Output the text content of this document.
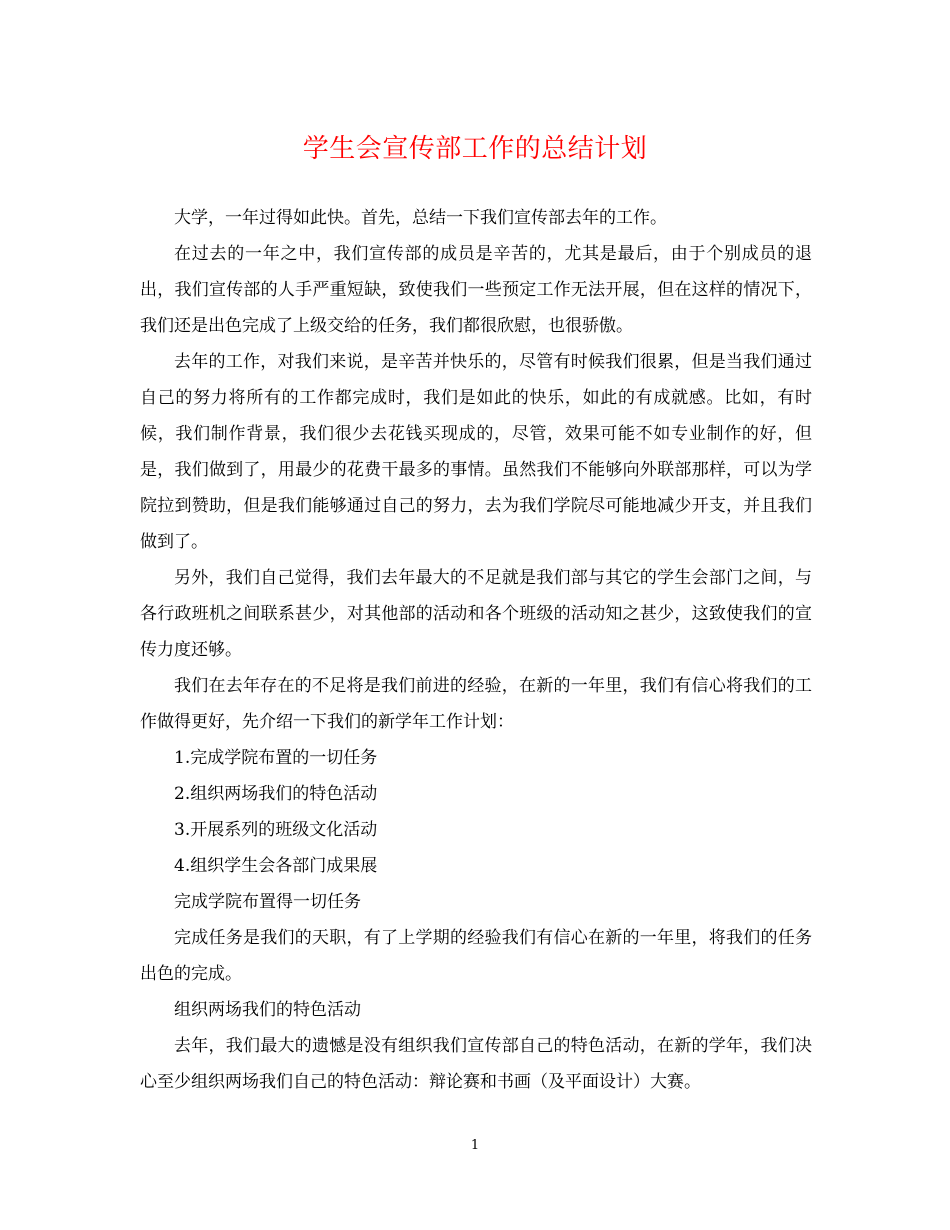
学生会宣传部工作的总结计划

大学，一年过得如此快。首先，总结一下我们宣传部去年的工作。

在过去的一年之中，我们宣传部的成员是辛苦的，尤其是最后，由于个别成员的退出，我们宣传部的人手严重短缺，致使我们一些预定工作无法开展，但在这样的情况下，我们还是出色完成了上级交给的任务，我们都很欣慰，也很骄傲。

去年的工作，对我们来说，是辛苦并快乐的，尽管有时候我们很累，但是当我们通过自己的努力将所有的工作都完成时，我们是如此的快乐，如此的有成就感。比如，有时候，我们制作背景，我们很少去花钱买现成的，尽管，效果可能不如专业制作的好，但是，我们做到了，用最少的花费干最多的事情。虽然我们不能够向外联部那样，可以为学院拉到赞助，但是我们能够通过自己的努力，去为我们学院尽可能地减少开支，并且我们做到了。

另外，我们自己觉得，我们去年最大的不足就是我们部与其它的学生会部门之间，与各行政班机之间联系甚少，对其他部的活动和各个班级的活动知之甚少，这致使我们的宣传力度还够。

我们在去年存在的不足将是我们前进的经验，在新的一年里，我们有信心将我们的工作做得更好，先介绍一下我们的新学年工作计划：

1.完成学院布置的一切任务

2.组织两场我们的特色活动

3.开展系列的班级文化活动

4.组织学生会各部门成果展

完成学院布置得一切任务

完成任务是我们的天职，有了上学期的经验我们有信心在新的一年里，将我们的任务出色的完成。

组织两场我们的特色活动

去年，我们最大的遗憾是没有组织我们宣传部自己的特色活动，在新的学年，我们决心至少组织两场我们自己的特色活动：辩论赛和书画（及平面设计）大赛。

1
